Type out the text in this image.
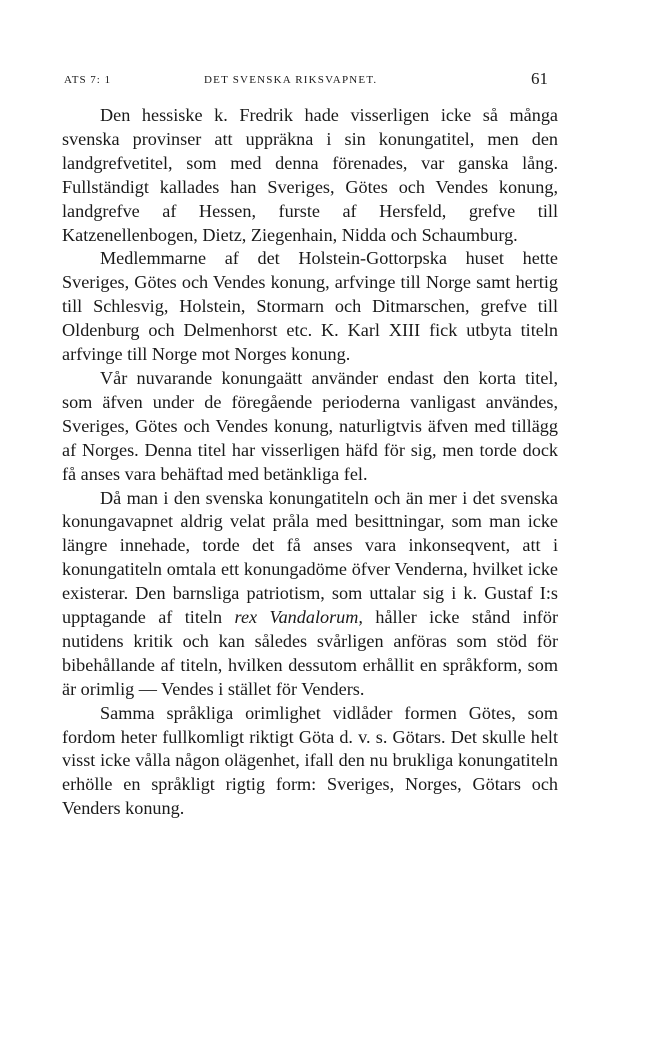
ATS 7: 1	DET SVENSKA RIKSVAPNET.	61

Den hessiske k. Fredrik hade visserligen icke så många svenska provinser att uppräkna i sin konungatitel, men den landgrefvetitel, som med denna förenades, var ganska lång. Fullständigt kallades han Sveriges, Götes och Vendes konung, landgrefve af Hessen, furste af Hersfeld, grefve till Katzenellenbogen, Dietz, Ziegenhain, Nidda och Schaumburg.

Medlemmarne af det Holstein-Gottorpska huset hette Sveriges, Götes och Vendes konung, arfvinge till Norge samt hertig till Schlesvig, Holstein, Stormarn och Ditmarschen, grefve till Oldenburg och Delmenhorst etc. K. Karl XIII fick utbyta titeln arfvinge till Norge mot Norges konung.

Vår nuvarande konungaätt använder endast den korta titel, som äfven under de föregående perioderna vanligast användes, Sveriges, Götes och Vendes konung, naturligtvis äfven med tillägg af Norges. Denna titel har visserligen häfd för sig, men torde dock få anses vara behäftad med betänkliga fel.

Då man i den svenska konungatiteln och än mer i det svenska konungavapnet aldrig velat pråla med besittningar, som man icke längre innehade, torde det få anses vara inkonseqvent, att i konungatiteln omtala ett konungadöme öfver Venderna, hvilket icke existerar. Den barnsliga patriotism, som uttalar sig i k. Gustaf I:s upptagande af titeln rex Vandalorum, håller icke stånd inför nutidens kritik och kan således svårligen anföras som stöd för bibehållande af titeln, hvilken dessutom erhållit en språkform, som är orimlig — Vendes i stället för Venders.

Samma språkliga orimlighet vidlåder formen Götes, som fordom heter fullkomligt riktigt Göta d. v. s. Götars. Det skulle helt visst icke vålla någon olägenhet, ifall den nu brukliga konungatiteln erhölle en språkligt rigtig form: Sveriges, Norges, Götars och Venders konung.
